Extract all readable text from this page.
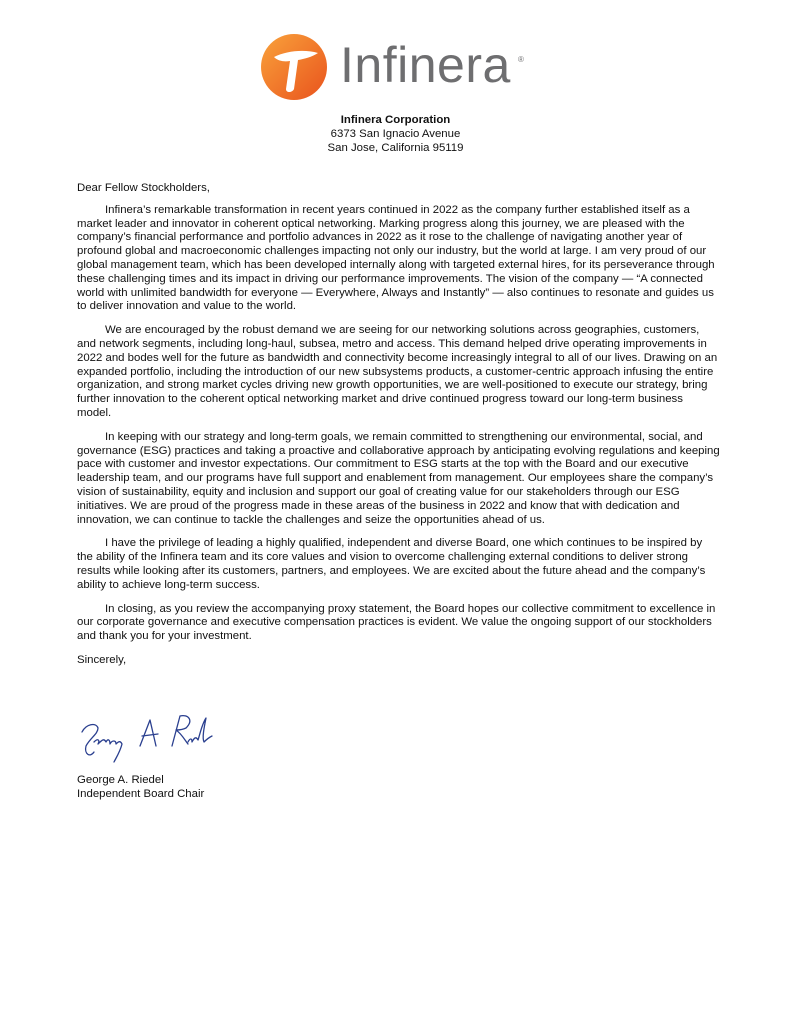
Infinera ®
Infinera Corporation
6373 San Ignacio Avenue
San Jose, California 95119

Dear Fellow Stockholders,

Infinera’s remarkable transformation in recent years continued in 2022 as the company further established itself as a market leader and innovator in coherent optical networking. Marking progress along this journey, we are pleased with the company’s financial performance and portfolio advances in 2022 as it rose to the challenge of navigating another year of profound global and macroeconomic challenges impacting not only our industry, but the world at large. I am very proud of our global management team, which has been developed internally along with targeted external hires, for its perseverance through these challenging times and its impact in driving our performance improvements. The vision of the company — “A connected world with unlimited bandwidth for everyone — Everywhere, Always and Instantly” — also continues to resonate and guides us to deliver innovation and value to the world.

We are encouraged by the robust demand we are seeing for our networking solutions across geographies, customers, and network segments, including long-haul, subsea, metro and access. This demand helped drive operating improvements in 2022 and bodes well for the future as bandwidth and connectivity become increasingly integral to all of our lives. Drawing on an expanded portfolio, including the introduction of our new subsystems products, a customer-centric approach infusing the entire organization, and strong market cycles driving new growth opportunities, we are well-positioned to execute our strategy, bring further innovation to the coherent optical networking market and drive continued progress toward our long-term business model.

In keeping with our strategy and long-term goals, we remain committed to strengthening our environmental, social, and governance (ESG) practices and taking a proactive and collaborative approach by anticipating evolving regulations and keeping pace with customer and investor expectations. Our commitment to ESG starts at the top with the Board and our executive leadership team, and our programs have full support and enablement from management. Our employees share the company’s vision of sustainability, equity and inclusion and support our goal of creating value for our stakeholders through our ESG initiatives. We are proud of the progress made in these areas of the business in 2022 and know that with dedication and innovation, we can continue to tackle the challenges and seize the opportunities ahead of us.

I have the privilege of leading a highly qualified, independent and diverse Board, one which continues to be inspired by the ability of the Infinera team and its core values and vision to overcome challenging external conditions to deliver strong results while looking after its customers, partners, and employees. We are excited about the future ahead and the company’s ability to achieve long-term success.

In closing, as you review the accompanying proxy statement, the Board hopes our collective commitment to excellence in our corporate governance and executive compensation practices is evident. We value the ongoing support of our stockholders and thank you for your investment.

Sincerely,

George A. Riedel
Independent Board Chair
